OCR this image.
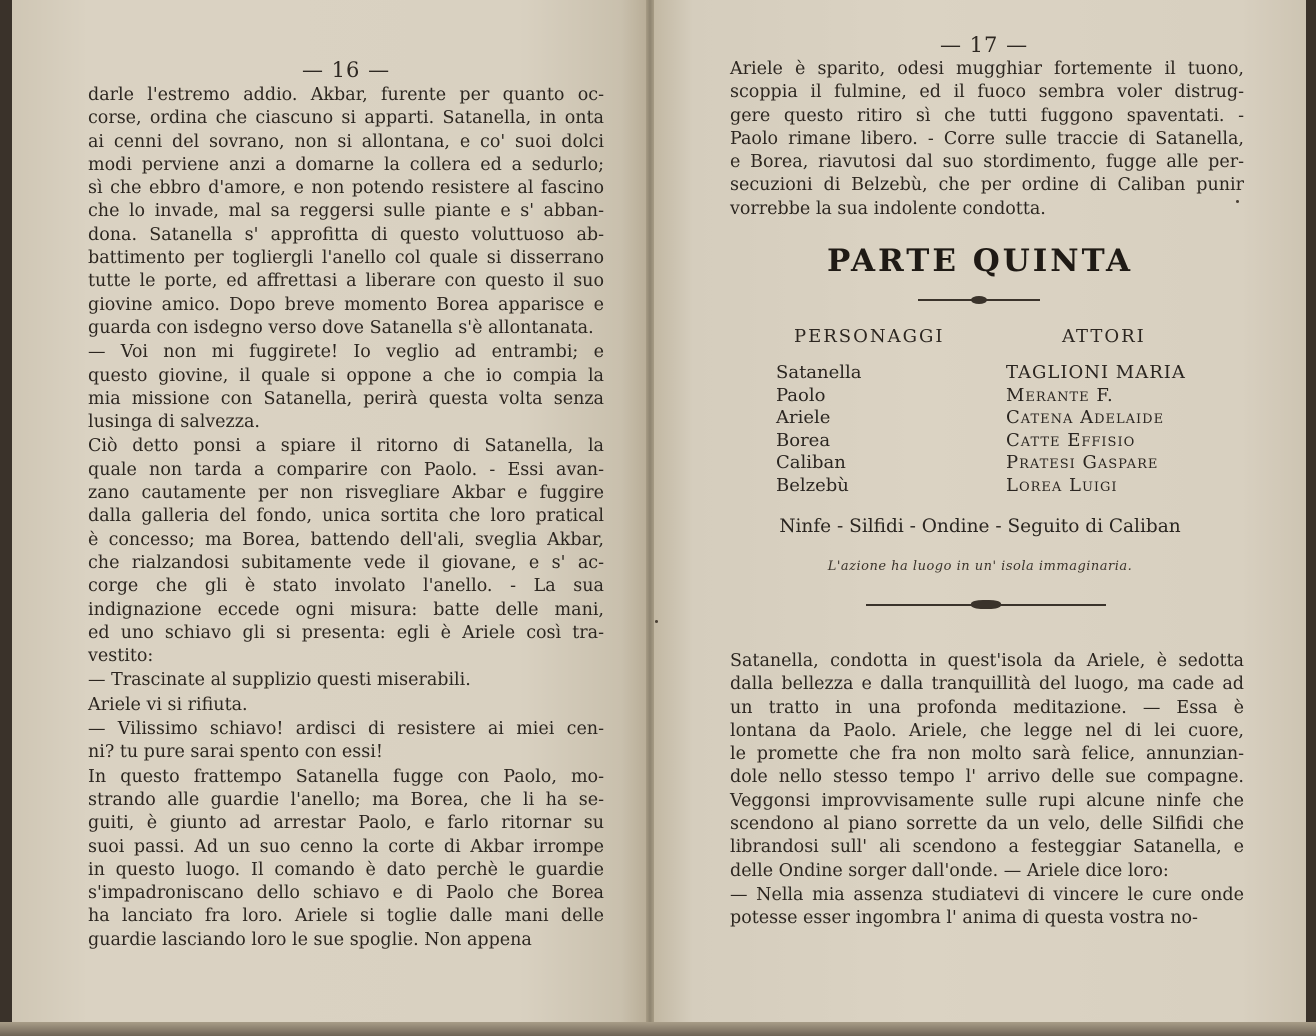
— 16 —
darle l'estremo addio. Akbar, furente per quanto oc-
corse, ordina che ciascuno si apparti. Satanella, in onta
ai cenni del sovrano, non si allontana, e co' suoi dolci
modi perviene anzi a domarne la collera ed a sedurlo;
sì che ebbro d'amore, e non potendo resistere al fascino
che lo invade, mal sa reggersi sulle piante e s' abban-
dona. Satanella s' approfitta di questo voluttuoso ab-
battimento per togliergli l'anello col quale si disserrano
tutte le porte, ed affrettasi a liberare con questo il suo
giovine amico. Dopo breve momento Borea apparisce e
guarda con isdegno verso dove Satanella s'è allontanata.
— Voi non mi fuggirete! Io veglio ad entrambi; e
questo giovine, il quale si oppone a che io compia la
mia missione con Satanella, perirà questa volta senza
lusinga di salvezza.
Ciò detto ponsi a spiare il ritorno di Satanella, la
quale non tarda a comparire con Paolo. - Essi avan-
zano cautamente per non risvegliare Akbar e fuggire
dalla galleria del fondo, unica sortita che loro pratical
è concesso; ma Borea, battendo dell'ali, sveglia Akbar,
che rialzandosi subitamente vede il giovane, e s' ac-
corge che gli è stato involato l'anello. - La sua
indignazione eccede ogni misura: batte delle mani,
ed uno schiavo gli si presenta: egli è Ariele così tra-
vestito:
— Trascinate al supplizio questi miserabili.
Ariele vi si rifiuta.
— Vilissimo schiavo! ardisci di resistere ai miei cen-
ni? tu pure sarai spento con essi!
In questo frattempo Satanella fugge con Paolo, mo-
strando alle guardie l'anello; ma Borea, che li ha se-
guiti, è giunto ad arrestar Paolo, e farlo ritornar su
suoi passi. Ad un suo cenno la corte di Akbar irrompe
in questo luogo. Il comando è dato perchè le guardie
s'impadroniscano dello schiavo e di Paolo che Borea
ha lanciato fra loro. Ariele si toglie dalle mani delle
guardie lasciando loro le sue spoglie. Non appena
— 17 —
Ariele è sparito, odesi mugghiar fortemente il tuono,
scoppia il fulmine, ed il fuoco sembra voler distrug-
gere questo ritiro sì che tutti fuggono spaventati. -
Paolo rimane libero. - Corre sulle traccie di Satanella,
e Borea, riavutosi dal suo stordimento, fugge alle per-
secuzioni di Belzebù, che per ordine di Caliban punir
vorrebbe la sua indolente condotta.
PARTE QUINTA
PERSONAGGI	ATTORI
Satanella
Paolo
Ariele
Borea
Caliban
Belzebù
TAGLIONI MARIA
Merante F.
Catena Adelaide
Catte Effisio
Pratesi Gaspare
Lorea Luigi
Ninfe - Silfidi - Ondine - Seguito di Caliban
L'azione ha luogo in un' isola immaginaria.
Satanella, condotta in quest'isola da Ariele, è sedotta
dalla bellezza e dalla tranquillità del luogo, ma cade ad
un tratto in una profonda meditazione. — Essa è
lontana da Paolo. Ariele, che legge nel di lei cuore,
le promette che fra non molto sarà felice, annunzian-
dole nello stesso tempo l' arrivo delle sue compagne.
Veggonsi improvvisamente sulle rupi alcune ninfe che
scendono al piano sorrette da un velo, delle Silfidi che
librandosi sull' ali scendono a festeggiar Satanella, e
delle Ondine sorger dall'onde. — Ariele dice loro:
— Nella mia assenza studiatevi di vincere le cure onde
potesse esser ingombra l' anima di questa vostra no-
